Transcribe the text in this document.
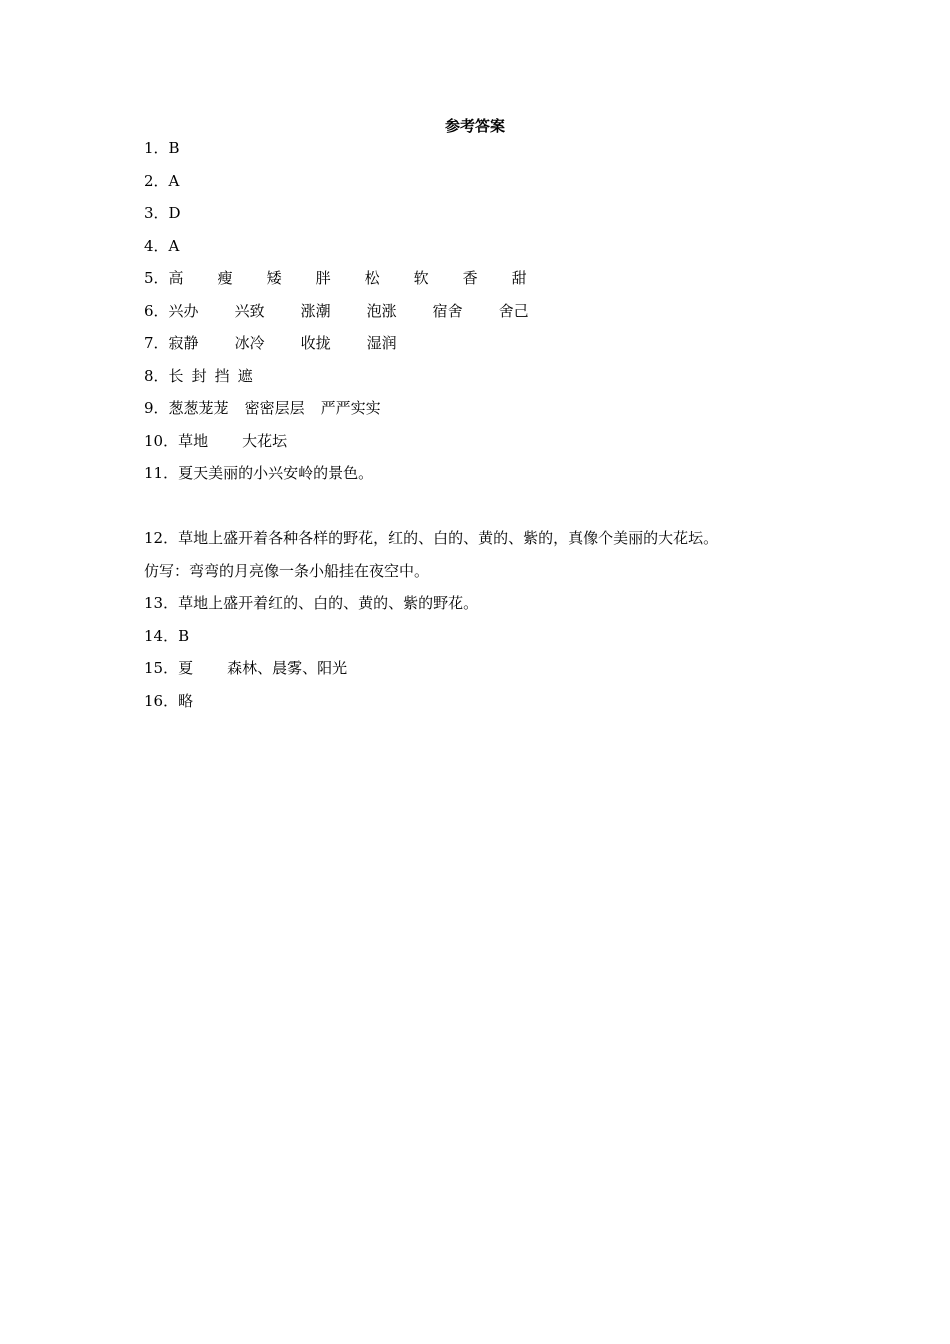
参考答案
1．B
2．A
3．D
4．A
5．高 瘦 矮 胖 松 软 香 甜
6．兴办 兴致 涨潮 泡涨 宿舍 舍己
7．寂静 冰冷 收拢 湿润
8．长 封 挡 遮
9．葱葱茏茏 密密层层 严严实实
10．草地 大花坛
11．夏天美丽的小兴安岭的景色。
12．草地上盛开着各种各样的野花，红的、白的、黄的、紫的，真像个美丽的大花坛。
仿写：弯弯的月亮像一条小船挂在夜空中。
13．草地上盛开着红的、白的、黄的、紫的野花。
14．B
15．夏 森林、晨雾、阳光
16．略
